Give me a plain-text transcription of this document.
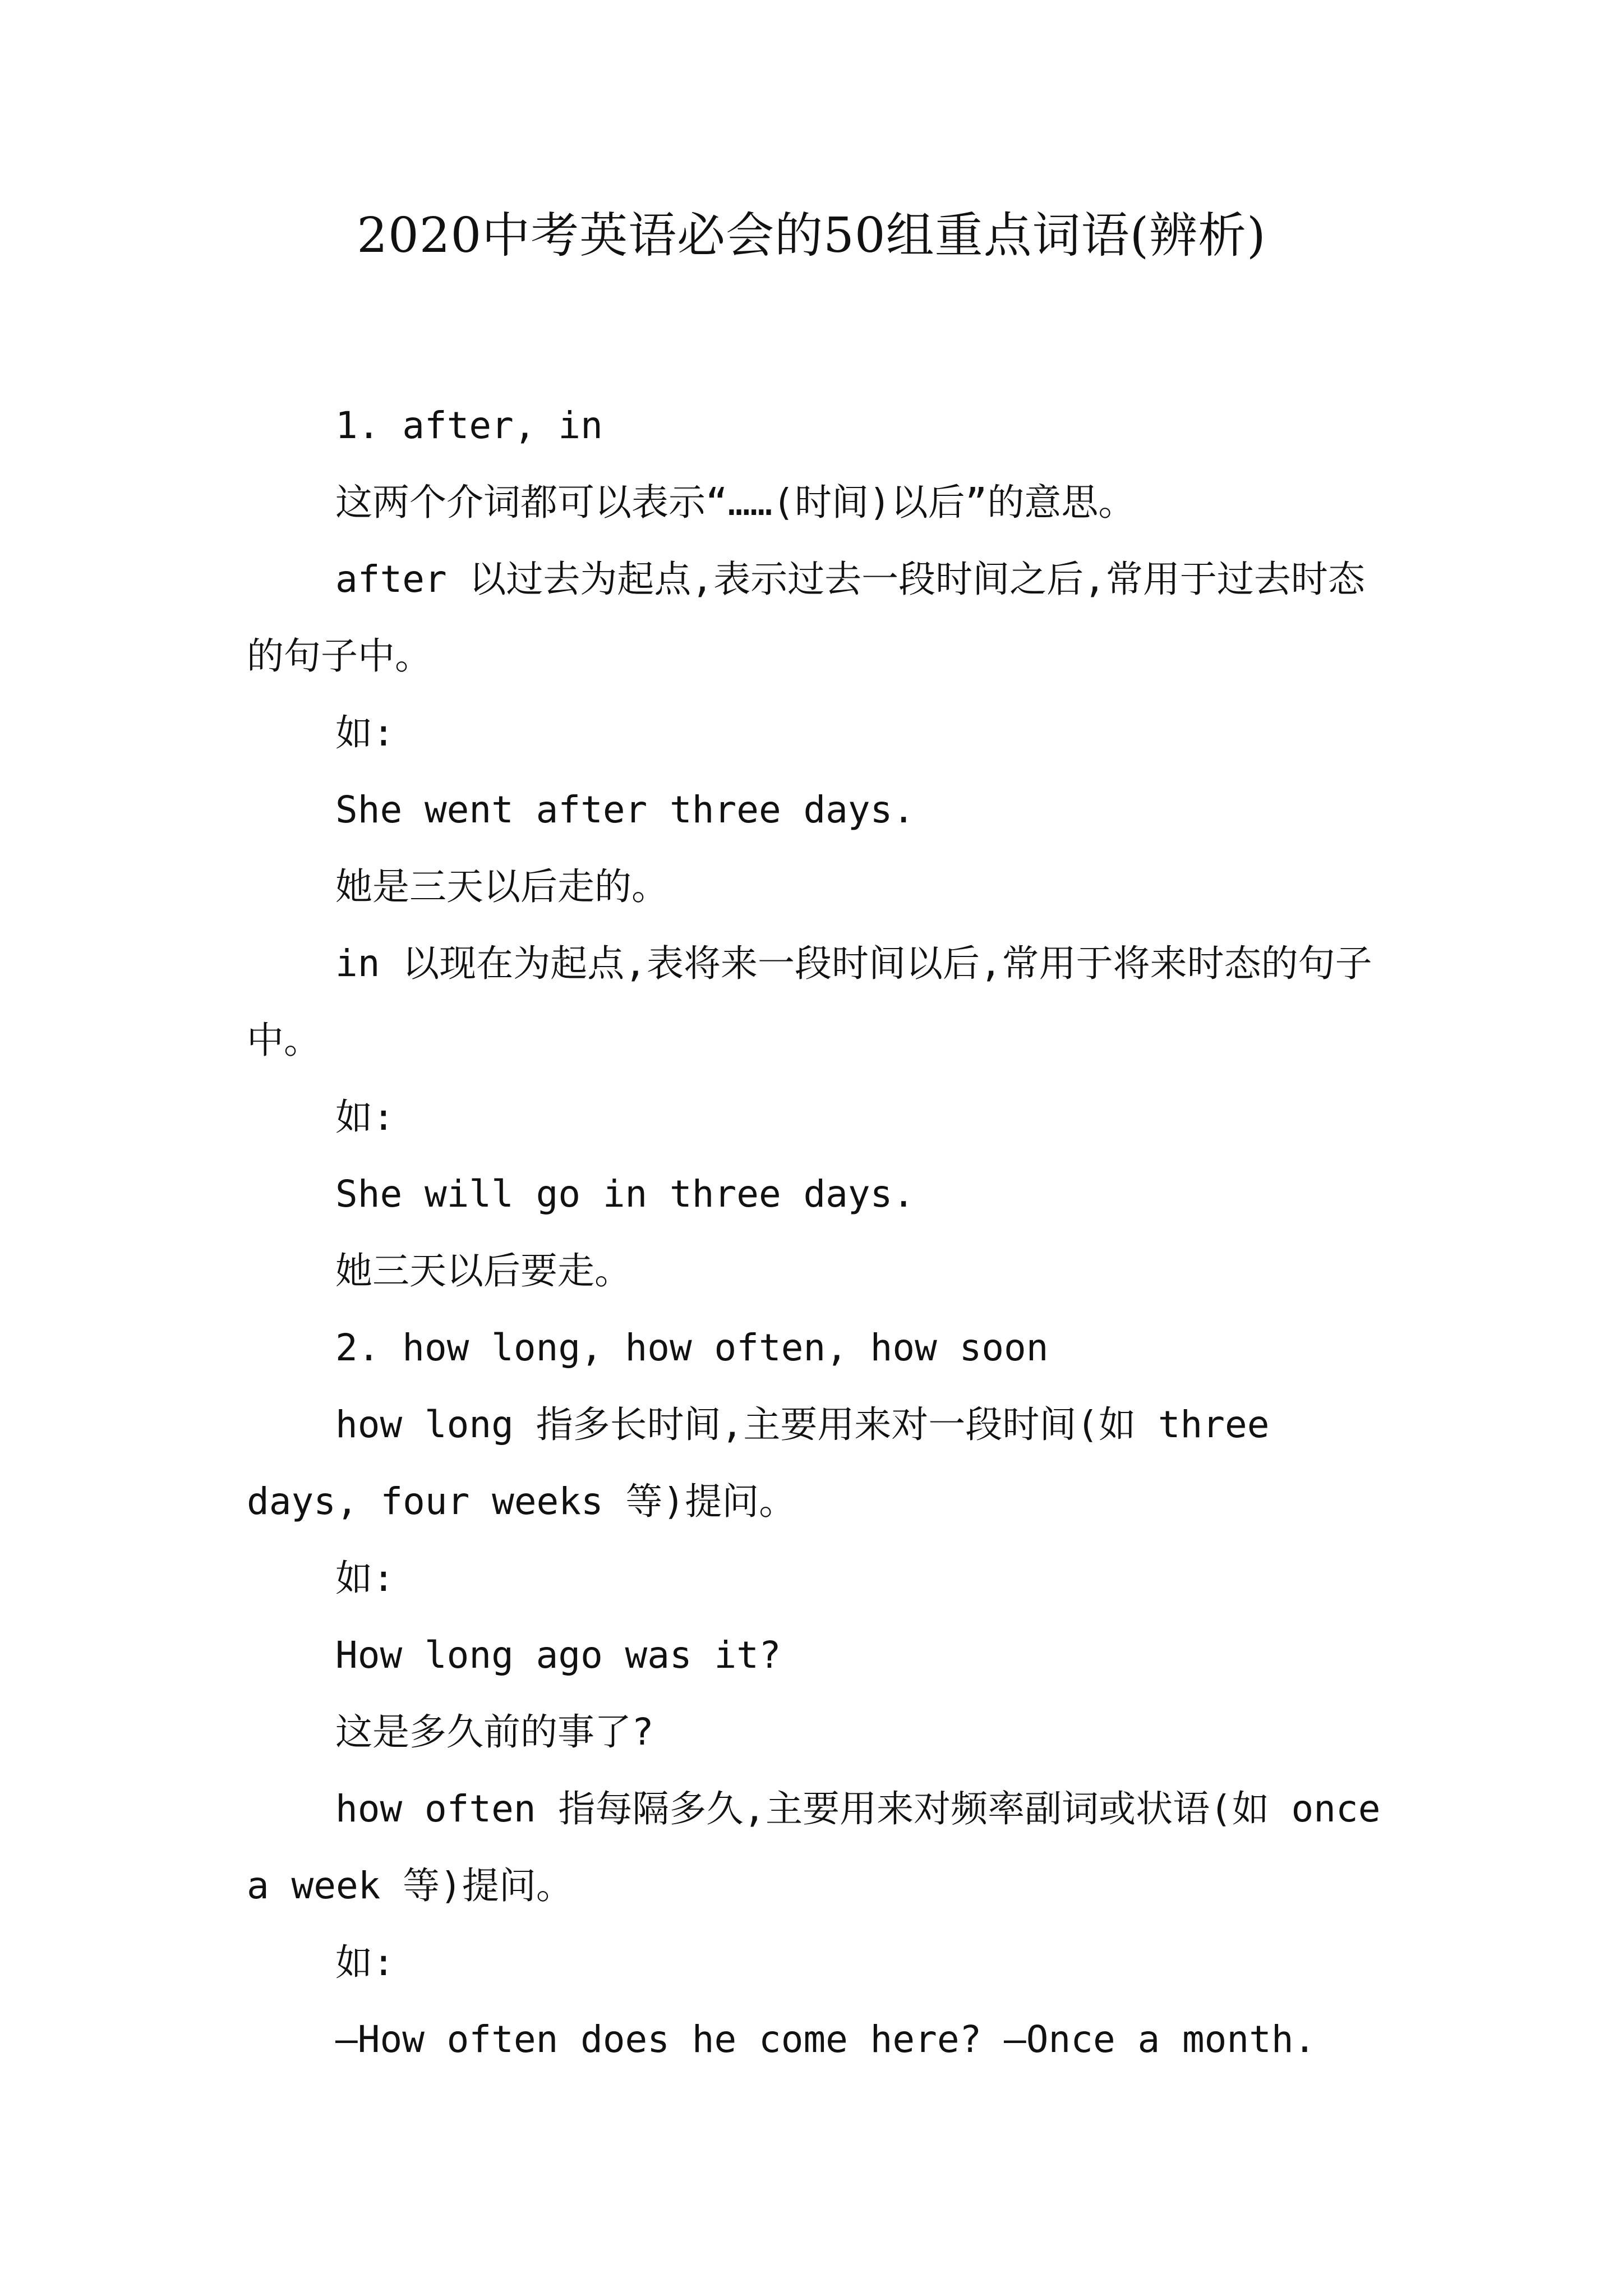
2020中考英语必会的50组重点词语(辨析)

1. after, in

这两个介词都可以表示“……(时间)以后”的意思。

after 以过去为起点,表示过去一段时间之后,常用于过去时态的句子中。

如:

She went after three days.

她是三天以后走的。

in 以现在为起点,表将来一段时间以后,常用于将来时态的句子中。

如:

She will go in three days.

她三天以后要走。

2. how long, how often, how soon

how long 指多长时间,主要用来对一段时间(如 three days, four weeks 等)提问。

如:

How long ago was it?

这是多久前的事了?

how often 指每隔多久,主要用来对频率副词或状语(如 once a week 等)提问。

如:

—How often does he come here? —Once a month.
